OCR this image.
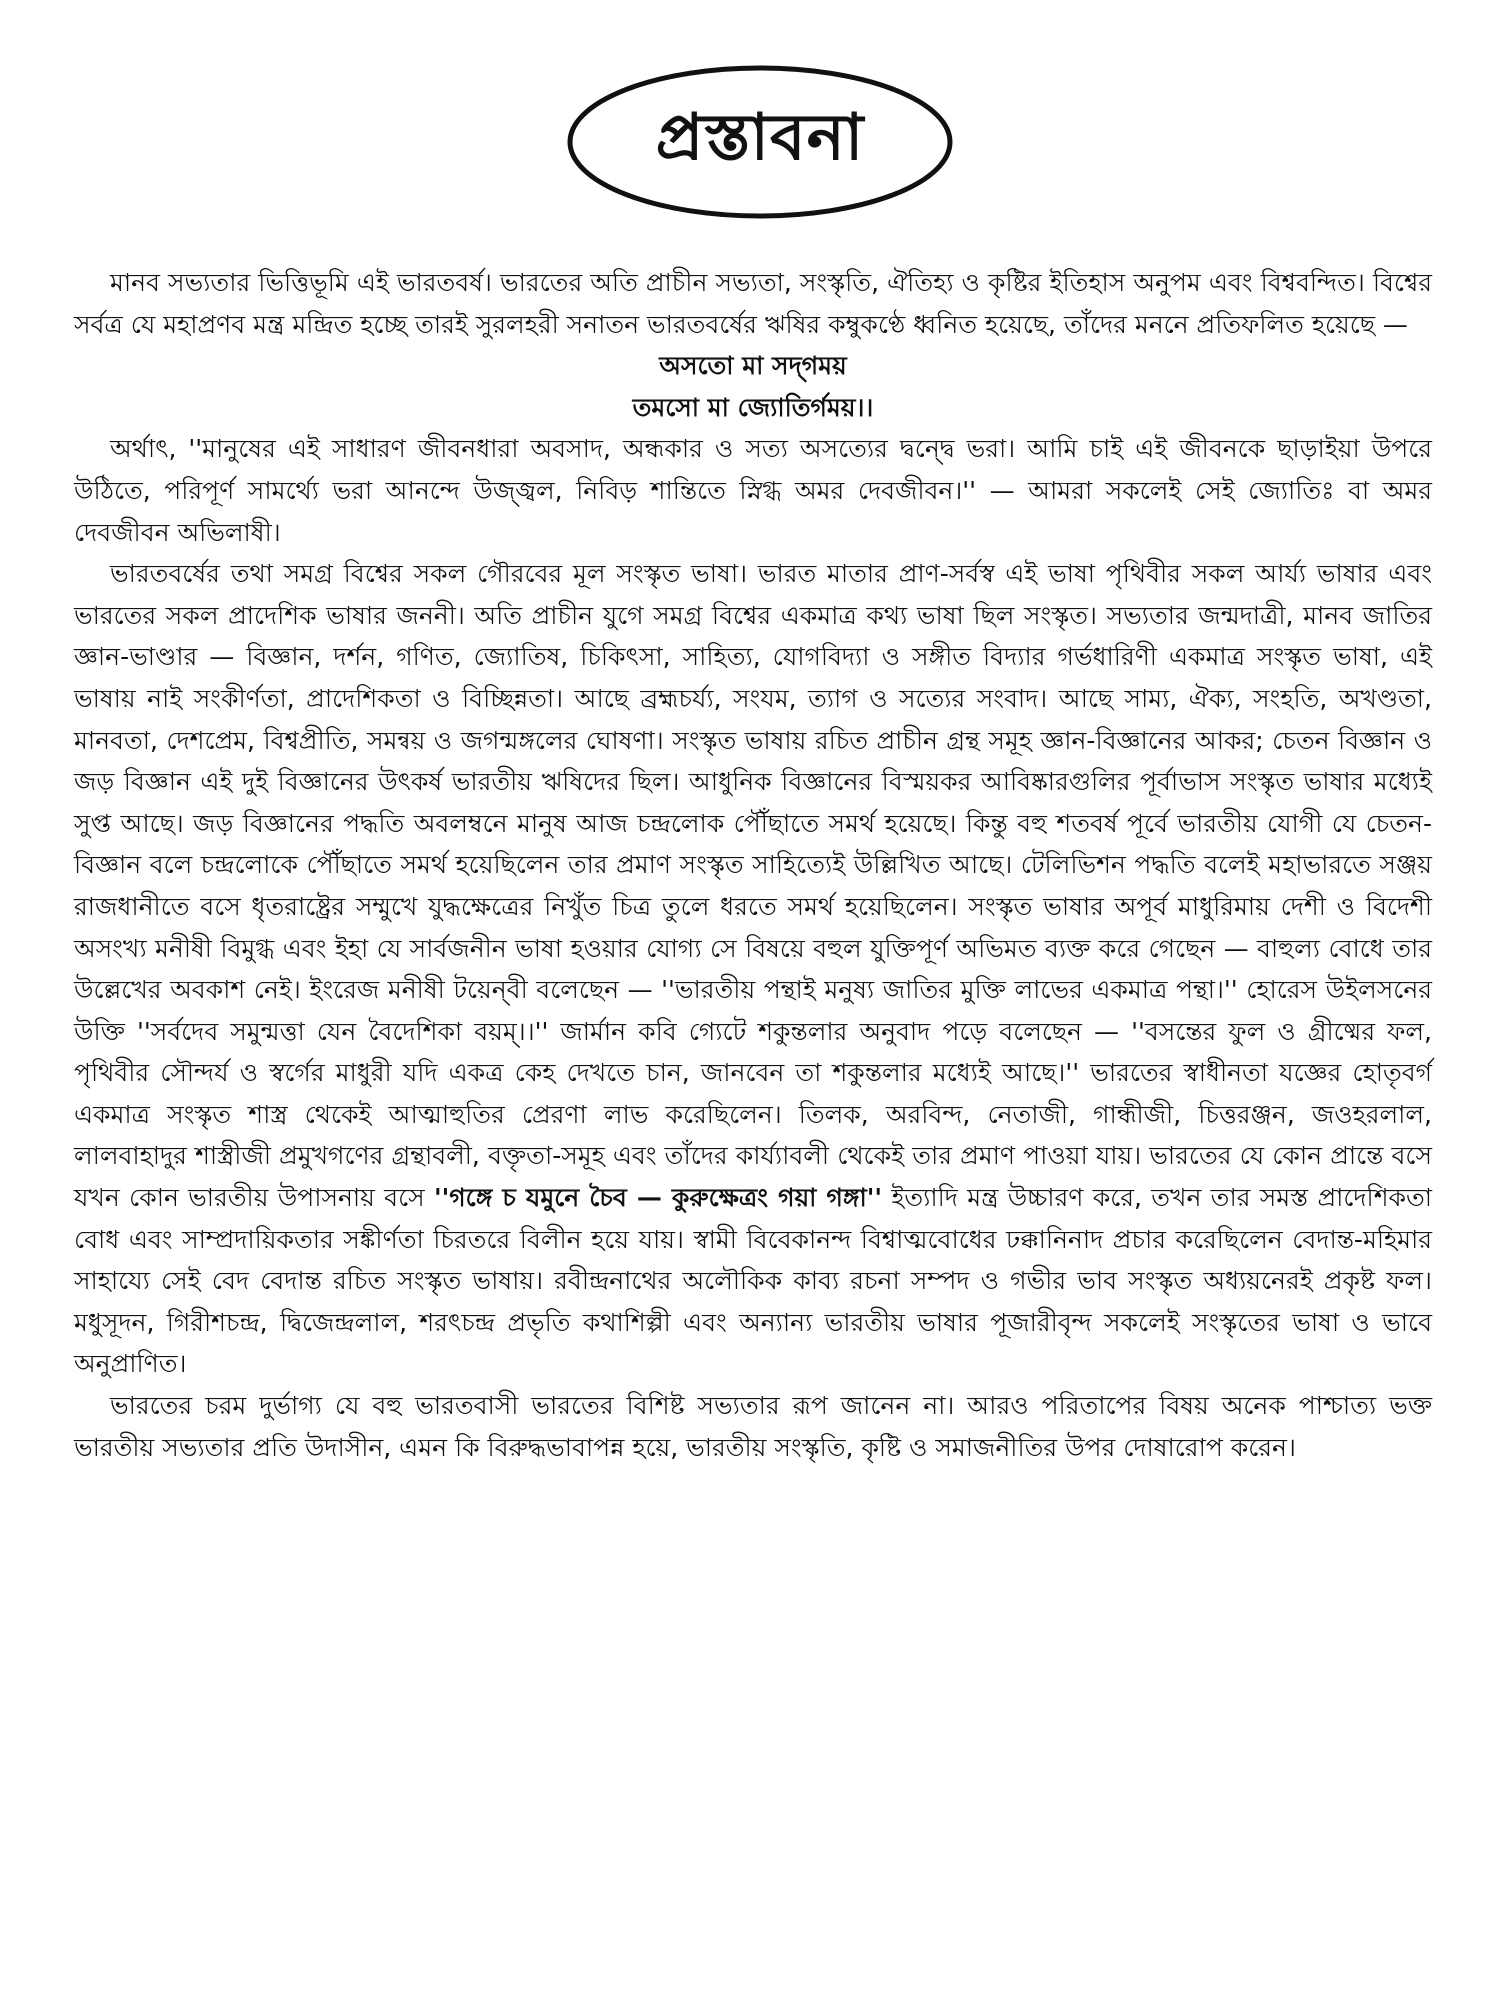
প্রস্তাবনা

মানব সভ্যতার ভিত্তিভূমি এই ভারতবর্ষ। ভারতের অতি প্রাচীন সভ্যতা, সংস্কৃতি, ঐতিহ্য ও কৃষ্টির ইতিহাস অনুপম এবং বিশ্ববন্দিত। বিশ্বের সর্বত্র যে মহাপ্রণব মন্ত্র মন্দ্রিত হচ্ছে তারই সুরলহরী সনাতন ভারতবর্ষের ঋষির কম্বুকণ্ঠে ধ্বনিত হয়েছে, তাঁদের মননে প্রতিফলিত হয়েছে —

অসতো মা সদ্‌গময়

তমসো মা জ্যোতির্গময়।।

অর্থাৎ, ''মানুষের এই সাধারণ জীবনধারা অবসাদ, অন্ধকার ও সত্য অসত্যের দ্বন্দ্বে ভরা। আমি চাই এই জীবনকে ছাড়াইয়া উপরে উঠিতে, পরিপূর্ণ সামর্থ্যে ভরা আনন্দে উজ্জ্বল, নিবিড় শান্তিতে স্নিগ্ধ অমর দেবজীবন।'' — আমরা সকলেই সেই জ্যোতিঃ বা অমর দেবজীবন অভিলাষী।

ভারতবর্ষের তথা সমগ্র বিশ্বের সকল গৌরবের মূল সংস্কৃত ভাষা। ভারত মাতার প্রাণ-সর্বস্ব এই ভাষা পৃথিবীর সকল আর্য্য ভাষার এবং ভারতের সকল প্রাদেশিক ভাষার জননী। অতি প্রাচীন যুগে সমগ্র বিশ্বের একমাত্র কথ্য ভাষা ছিল সংস্কৃত। সভ্যতার জন্মদাত্রী, মানব জাতির জ্ঞান-ভাণ্ডার — বিজ্ঞান, দর্শন, গণিত, জ্যোতিষ, চিকিৎসা, সাহিত্য, যোগবিদ্যা ও সঙ্গীত বিদ্যার গর্ভধারিণী একমাত্র সংস্কৃত ভাষা, এই ভাষায় নাই সংকীর্ণতা, প্রাদেশিকতা ও বিচ্ছিন্নতা। আছে ব্রহ্মচর্য্য, সংযম, ত্যাগ ও সত্যের সংবাদ। আছে সাম্য, ঐক্য, সংহতি, অখণ্ডতা, মানবতা, দেশপ্রেম, বিশ্বপ্রীতি, সমন্বয় ও জগন্মঙ্গলের ঘোষণা। সংস্কৃত ভাষায় রচিত প্রাচীন গ্রন্থ সমূহ জ্ঞান-বিজ্ঞানের আকর; চেতন বিজ্ঞান ও জড় বিজ্ঞান এই দুই বিজ্ঞানের উৎকর্ষ ভারতীয় ঋষিদের ছিল। আধুনিক বিজ্ঞানের বিস্ময়কর আবিষ্কারগুলির পূর্বাভাস সংস্কৃত ভাষার মধ্যেই সুপ্ত আছে। জড় বিজ্ঞানের পদ্ধতি অবলম্বনে মানুষ আজ চন্দ্রলোক পৌঁছাতে সমর্থ হয়েছে। কিন্তু বহু শতবর্ষ পূর্বে ভারতীয় যোগী যে চেতন-বিজ্ঞান বলে চন্দ্রলোকে পৌঁছাতে সমর্থ হয়েছিলেন তার প্রমাণ সংস্কৃত সাহিত্যেই উল্লিখিত আছে। টেলিভিশন পদ্ধতি বলেই মহাভারতে সঞ্জয় রাজধানীতে বসে ধৃতরাষ্ট্রের সম্মুখে যুদ্ধক্ষেত্রের নিখুঁত চিত্র তুলে ধরতে সমর্থ হয়েছিলেন। সংস্কৃত ভাষার অপূর্ব মাধুরিমায় দেশী ও বিদেশী অসংখ্য মনীষী বিমুগ্ধ এবং ইহা যে সার্বজনীন ভাষা হওয়ার যোগ্য সে বিষয়ে বহুল যুক্তিপূর্ণ অভিমত ব্যক্ত করে গেছেন — বাহুল্য বোধে তার উল্লেখের অবকাশ নেই। ইংরেজ মনীষী টয়েন্‌বী বলেছেন — ''ভারতীয় পন্থাই মনুষ্য জাতির মুক্তি লাভের একমাত্র পন্থা।'' হোরেস উইলসনের উক্তি ''সর্বদেব সমুন্মত্তা যেন বৈদেশিকা বয়ম্‌।।'' জার্মান কবি গ্যেটে শকুন্তলার অনুবাদ পড়ে বলেছেন — ''বসন্তের ফুল ও গ্রীষ্মের ফল, পৃথিবীর সৌন্দর্য ও স্বর্গের মাধুরী যদি একত্র কেহ দেখতে চান, জানবেন তা শকুন্তলার মধ্যেই আছে।'' ভারতের স্বাধীনতা যজ্ঞের হোতৃবর্গ একমাত্র সংস্কৃত শাস্ত্র থেকেই আত্মাহুতির প্রেরণা লাভ করেছিলেন। তিলক, অরবিন্দ, নেতাজী, গান্ধীজী, চিত্তরঞ্জন, জওহরলাল, লালবাহাদুর শাস্ত্রীজী প্রমুখগণের গ্রন্থাবলী, বক্তৃতা-সমূহ এবং তাঁদের কার্য্যাবলী থেকেই তার প্রমাণ পাওয়া যায়। ভারতের যে কোন প্রান্তে বসে যখন কোন ভারতীয় উপাসনায় বসে ''গঙ্গে চ যমুনে চৈব — কুরুক্ষেত্রং গয়া গঙ্গা'' ইত্যাদি মন্ত্র উচ্চারণ করে, তখন তার সমস্ত প্রাদেশিকতা বোধ এবং সাম্প্রদায়িকতার সঙ্কীর্ণতা চিরতরে বিলীন হয়ে যায়। স্বামী বিবেকানন্দ বিশ্বাত্মবোধের ঢক্কানিনাদ প্রচার করেছিলেন বেদান্ত-মহিমার সাহায্যে সেই বেদ বেদান্ত রচিত সংস্কৃত ভাষায়। রবীন্দ্রনাথের অলৌকিক কাব্য রচনা সম্পদ ও গভীর ভাব সংস্কৃত অধ্যয়নেরই প্রকৃষ্ট ফল। মধুসূদন, গিরীশচন্দ্র, দ্বিজেন্দ্রলাল, শরৎচন্দ্র প্রভৃতি কথাশিল্পী এবং অন্যান্য ভারতীয় ভাষার পূজারীবৃন্দ সকলেই সংস্কৃতের ভাষা ও ভাবে অনুপ্রাণিত।

ভারতের চরম দুর্ভাগ্য যে বহু ভারতবাসী ভারতের বিশিষ্ট সভ্যতার রূপ জানেন না। আরও পরিতাপের বিষয় অনেক পাশ্চাত্য ভক্ত ভারতীয় সভ্যতার প্রতি উদাসীন, এমন কি বিরুদ্ধভাবাপন্ন হয়ে, ভারতীয় সংস্কৃতি, কৃষ্টি ও সমাজনীতির উপর দোষারোপ করেন।
